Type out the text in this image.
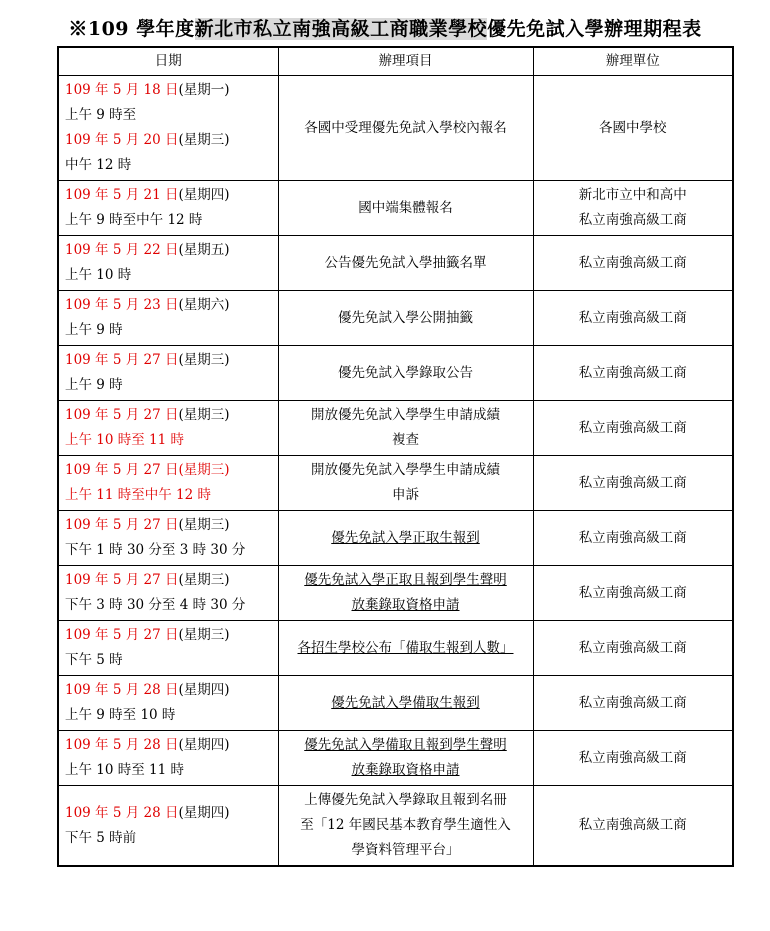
※109 學年度新北市私立南強高級工商職業學校優先免試入學辦理期程表
日期	辦理項目	辦理單位

109 年 5 月 18 日(星期一)
上午 9 時至
109 年 5 月 20 日(星期三)
中午 12 時	各國中受理優先免試入學校內報名	各國中學校

109 年 5 月 21 日(星期四)
上午 9 時至中午 12 時	國中端集體報名	新北市立中和高中
私立南強高級工商

109 年 5 月 22 日(星期五)
上午 10 時	公告優先免試入學抽籤名單	私立南強高級工商

109 年 5 月 23 日(星期六)
上午 9 時	優先免試入學公開抽籤	私立南強高級工商

109 年 5 月 27 日(星期三)
上午 9 時	優先免試入學錄取公告	私立南強高級工商

109 年 5 月 27 日(星期三)
上午 10 時至 11 時	開放優先免試入學學生申請成績
複查	私立南強高級工商

109 年 5 月 27 日(星期三)
上午 11 時至中午 12 時	開放優先免試入學學生申請成績
申訴	私立南強高級工商

109 年 5 月 27 日(星期三)
下午 1 時 30 分至 3 時 30 分	優先免試入學正取生報到	私立南強高級工商

109 年 5 月 27 日(星期三)
下午 3 時 30 分至 4 時 30 分	優先免試入學正取且報到學生聲明
放棄錄取資格申請	私立南強高級工商

109 年 5 月 27 日(星期三)
下午 5 時	各招生學校公布「備取生報到人數」	私立南強高級工商

109 年 5 月 28 日(星期四)
上午 9 時至 10 時	優先免試入學備取生報到	私立南強高級工商

109 年 5 月 28 日(星期四)
上午 10 時至 11 時	優先免試入學備取且報到學生聲明
放棄錄取資格申請	私立南強高級工商

109 年 5 月 28 日(星期四)
下午 5 時前	上傳優先免試入學錄取且報到名冊
至「12 年國民基本教育學生適性入
學資料管理平台」	私立南強高級工商
